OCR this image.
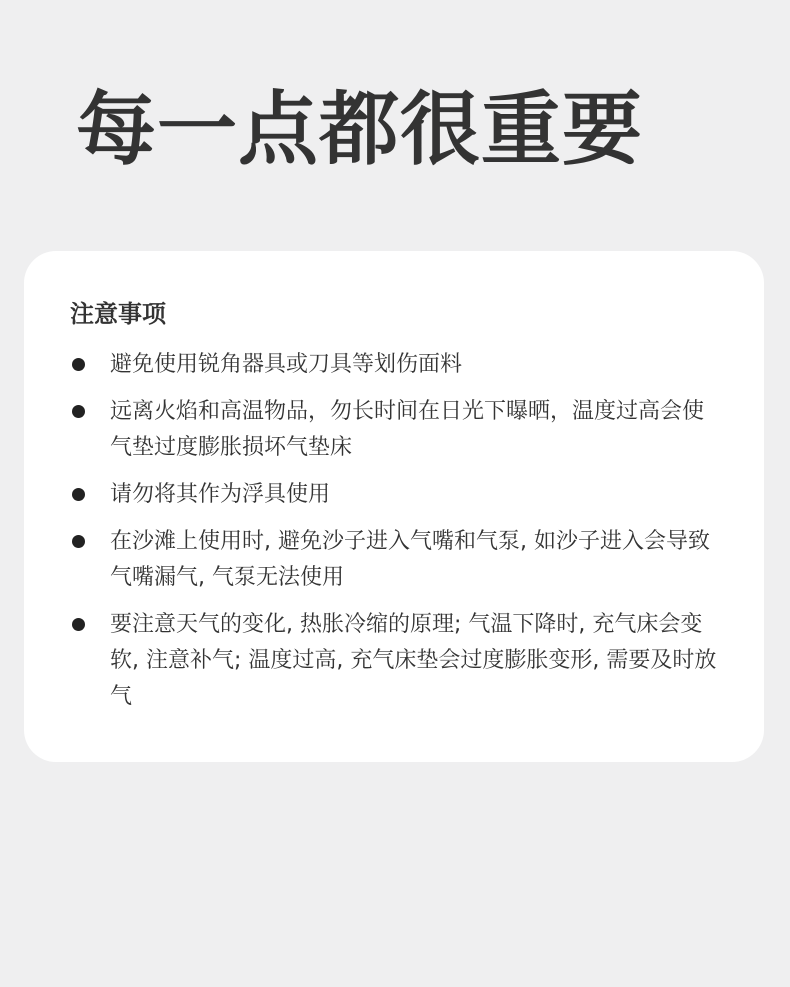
每一点都很重要
注意事项
避免使用锐角器具或刀具等划伤面料
远离火焰和高温物品，勿长时间在日光下曝晒，温度过高会使气垫过度膨胀损坏气垫床
请勿将其作为浮具使用
在沙滩上使用时, 避免沙子进入气嘴和气泵, 如沙子进入会导致气嘴漏气, 气泵无法使用
要注意天气的变化, 热胀冷缩的原理; 气温下降时, 充气床会变软, 注意补气; 温度过高, 充气床垫会过度膨胀变形, 需要及时放气
